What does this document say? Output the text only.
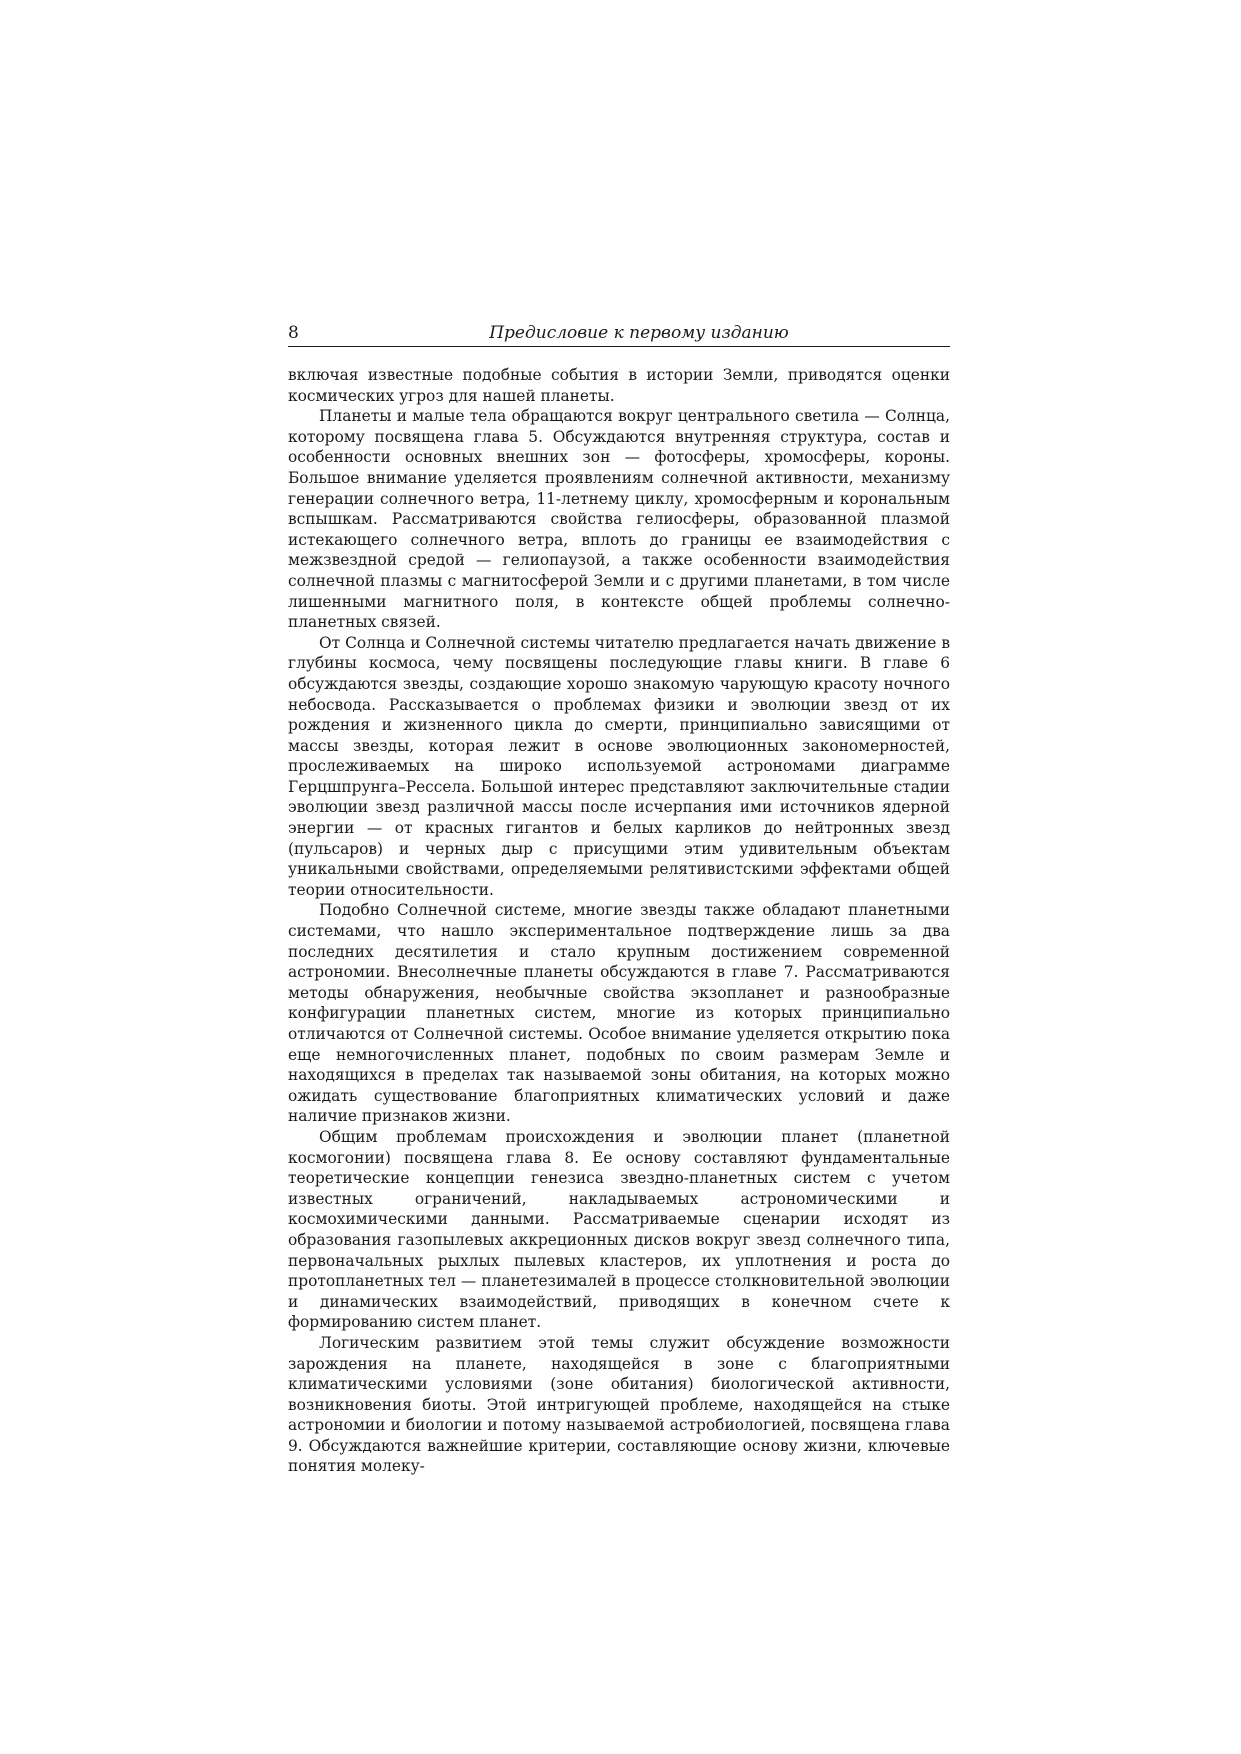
8	Предисловие к первому изданию

включая известные подобные события в истории Земли, приводятся оценки космических угроз для нашей планеты.

Планеты и малые тела обращаются вокруг центрального светила — Солнца, которому посвящена глава 5. Обсуждаются внутренняя структура, состав и особенности основных внешних зон — фотосферы, хромосферы, короны. Большое внимание уделяется проявлениям солнечной активности, механизму генерации солнечного ветра, 11-летнему циклу, хромосферным и корональным вспышкам. Рассматриваются свойства гелиосферы, образованной плазмой истекающего солнечного ветра, вплоть до границы ее взаимодействия с межзвездной средой — гелиопаузой, а также особенности взаимодействия солнечной плазмы с магнитосферой Земли и с другими планетами, в том числе лишенными магнитного поля, в контексте общей проблемы солнечно-планетных связей.

От Солнца и Солнечной системы читателю предлагается начать движение в глубины космоса, чему посвящены последующие главы книги. В главе 6 обсуждаются звезды, создающие хорошо знакомую чарующую красоту ночного небосвода. Рассказывается о проблемах физики и эволюции звезд от их рождения и жизненного цикла до смерти, принципиально зависящими от массы звезды, которая лежит в основе эволюционных закономерностей, прослеживаемых на широко используемой астрономами диаграмме Герцшпрунга–Рессела. Большой интерес представляют заключительные стадии эволюции звезд различной массы после исчерпания ими источников ядерной энергии — от красных гигантов и белых карликов до нейтронных звезд (пульсаров) и черных дыр с присущими этим удивительным объектам уникальными свойствами, определяемыми релятивистскими эффектами общей теории относительности.

Подобно Солнечной системе, многие звезды также обладают планетными системами, что нашло экспериментальное подтверждение лишь за два последних десятилетия и стало крупным достижением современной астрономии. Внесолнечные планеты обсуждаются в главе 7. Рассматриваются методы обнаружения, необычные свойства экзопланет и разнообразные конфигурации планетных систем, многие из которых принципиально отличаются от Солнечной системы. Особое внимание уделяется открытию пока еще немногочисленных планет, подобных по своим размерам Земле и находящихся в пределах так называемой зоны обитания, на которых можно ожидать существование благоприятных климатических условий и даже наличие признаков жизни.

Общим проблемам происхождения и эволюции планет (планетной космогонии) посвящена глава 8. Ее основу составляют фундаментальные теоретические концепции генезиса звездно-планетных систем с учетом известных ограничений, накладываемых астрономическими и космохимическими данными. Рассматриваемые сценарии исходят из образования газопылевых аккреционных дисков вокруг звезд солнечного типа, первоначальных рыхлых пылевых кластеров, их уплотнения и роста до протопланетных тел — планетезималей в процессе столкновительной эволюции и динамических взаимодействий, приводящих в конечном счете к формированию систем планет.

Логическим развитием этой темы служит обсуждение возможности зарождения на планете, находящейся в зоне с благоприятными климатическими условиями (зоне обитания) биологической активности, возникновения биоты. Этой интригующей проблеме, находящейся на стыке астрономии и биологии и потому называемой астробиологией, посвящена глава 9. Обсуждаются важнейшие критерии, составляющие основу жизни, ключевые понятия молеку-
